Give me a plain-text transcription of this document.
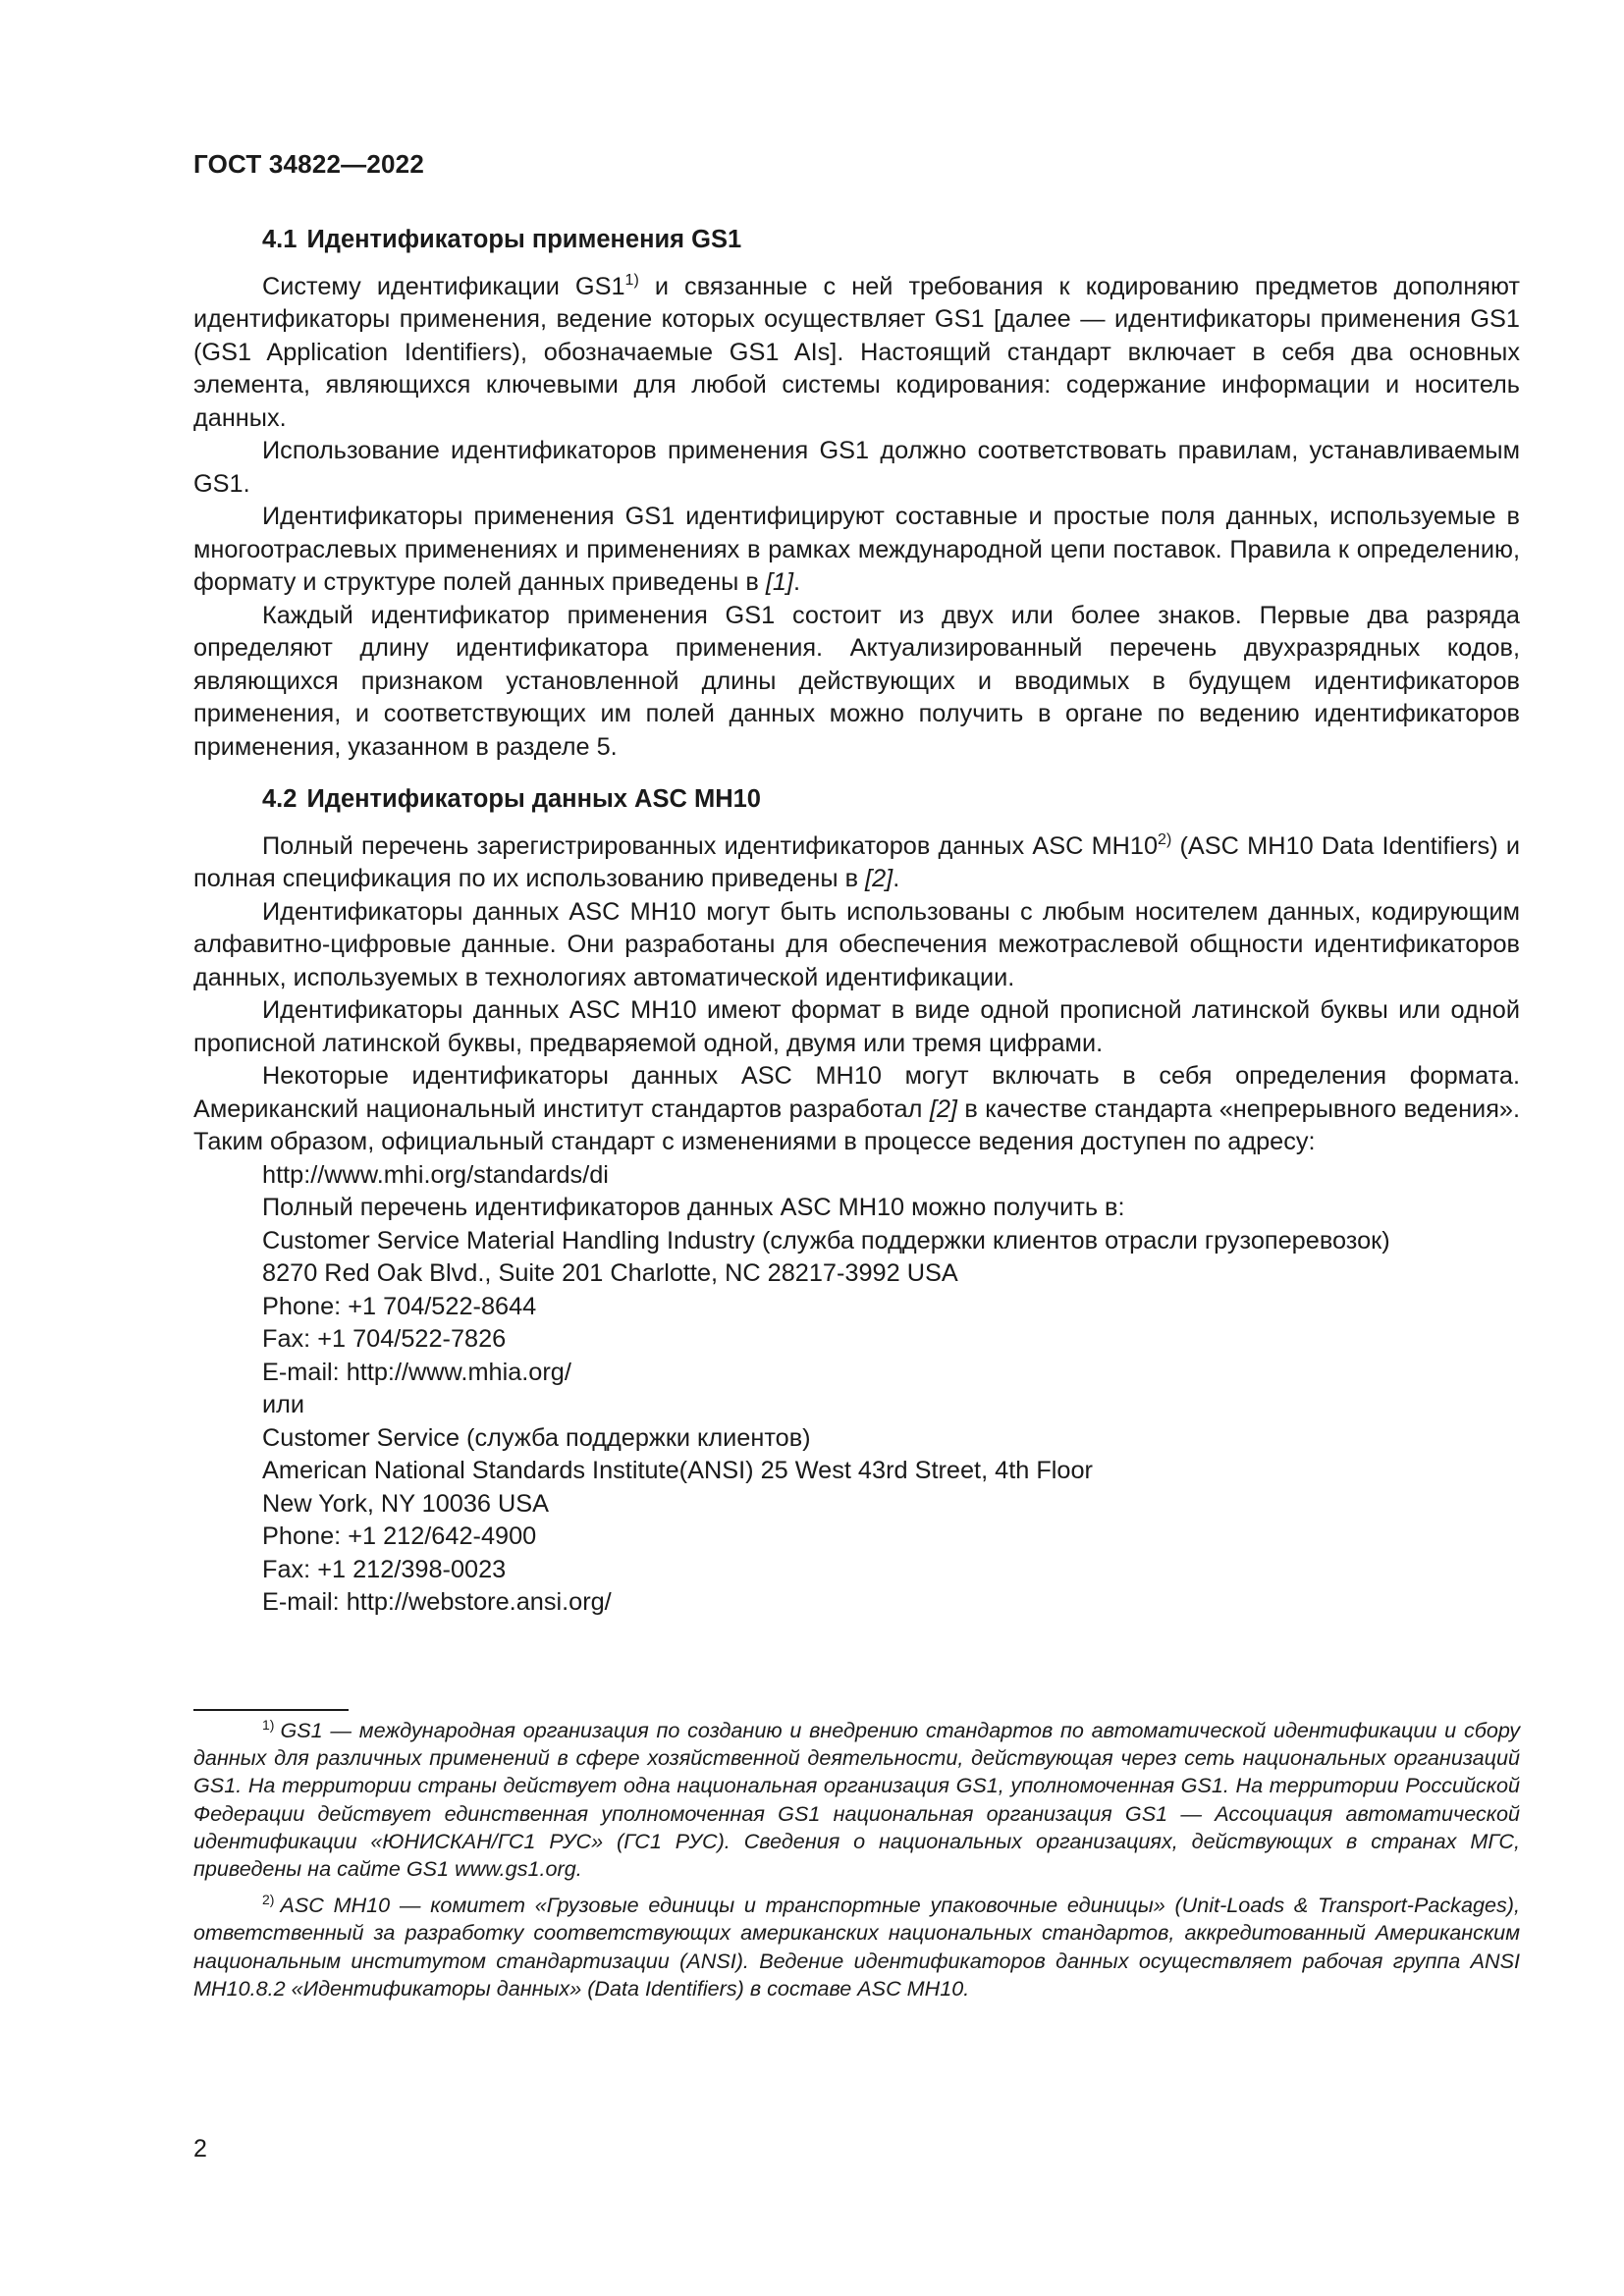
ГОСТ 34822—2022

4.1 Идентификаторы применения GS1

Систему идентификации GS1$^{1)}$ и связанные с ней требования к кодированию предметов дополняют идентификаторы применения, ведение которых осуществляет GS1 [далее — идентификаторы применения GS1 (GS1 Application Identifiers), обозначаемые GS1 AIs]. Настоящий стандарт включает в себя два основных элемента, являющихся ключевыми для любой системы кодирования: содержание информации и носитель данных.

Использование идентификаторов применения GS1 должно соответствовать правилам, устанавливаемым GS1.

Идентификаторы применения GS1 идентифицируют составные и простые поля данных, используемые в многоотраслевых применениях и применениях в рамках международной цепи поставок. Правила к определению, формату и структуре полей данных приведены в [1].

Каждый идентификатор применения GS1 состоит из двух или более знаков. Первые два разряда определяют длину идентификатора применения. Актуализированный перечень двухразрядных кодов, являющихся признаком установленной длины действующих и вводимых в будущем идентификаторов применения, и соответствующих им полей данных можно получить в органе по ведению идентификаторов применения, указанном в разделе 5.

4.2 Идентификаторы данных ASC MH10

Полный перечень зарегистрированных идентификаторов данных ASC MH10$^{2)}$ (ASC MH10 Data Identifiers) и полная спецификация по их использованию приведены в [2].

Идентификаторы данных ASC MH10 могут быть использованы с любым носителем данных, кодирующим алфавитно-цифровые данные. Они разработаны для обеспечения межотраслевой общности идентификаторов данных, используемых в технологиях автоматической идентификации.

Идентификаторы данных ASC MH10 имеют формат в виде одной прописной латинской буквы или одной прописной латинской буквы, предваряемой одной, двумя или тремя цифрами.

Некоторые идентификаторы данных ASC MH10 могут включать в себя определения формата. Американский национальный институт стандартов разработал [2] в качестве стандарта «непрерывного ведения». Таким образом, официальный стандарт с изменениями в процессе ведения доступен по адресу:

http://www.mhi.org/standards/di

Полный перечень идентификаторов данных ASC MH10 можно получить в:

Customer Service Material Handling Industry (служба поддержки клиентов отрасли грузоперевозок)

8270 Red Oak Blvd., Suite 201 Charlotte, NC 28217-3992 USA

Phone: +1 704/522-8644

Fax: +1 704/522-7826

E-mail: http://www.mhia.org/

или

Customer Service (служба поддержки клиентов)

American National Standards Institute(ANSI) 25 West 43rd Street, 4th Floor

New York, NY 10036 USA

Phone: +1 212/642-4900

Fax: +1 212/398-0023

E-mail: http://webstore.ansi.org/

$^{1)}$ GS1 — международная организация по созданию и внедрению стандартов по автоматической идентификации и сбору данных для различных применений в сфере хозяйственной деятельности, действующая через сеть национальных организаций GS1. На территории страны действует одна национальная организация GS1, уполномоченная GS1. На территории Российской Федерации действует единственная уполномоченная GS1 национальная организация GS1 — Ассоциация автоматической идентификации «ЮНИСКАН/ГС1 РУС» (ГС1 РУС). Сведения о национальных организациях, действующих в странах МГС, приведены на сайте GS1 www.gs1.org.

$^{2)}$ ASC MH10 — комитет «Грузовые единицы и транспортные упаковочные единицы» (Unit-Loads & Transport-Packages), ответственный за разработку соответствующих американских национальных стандартов, аккредитованный Американским национальным институтом стандартизации (ANSI). Ведение идентификаторов данных осуществляет рабочая группа ANSI MH10.8.2 «Идентификаторы данных» (Data Identifiers) в составе ASC MH10.

2
